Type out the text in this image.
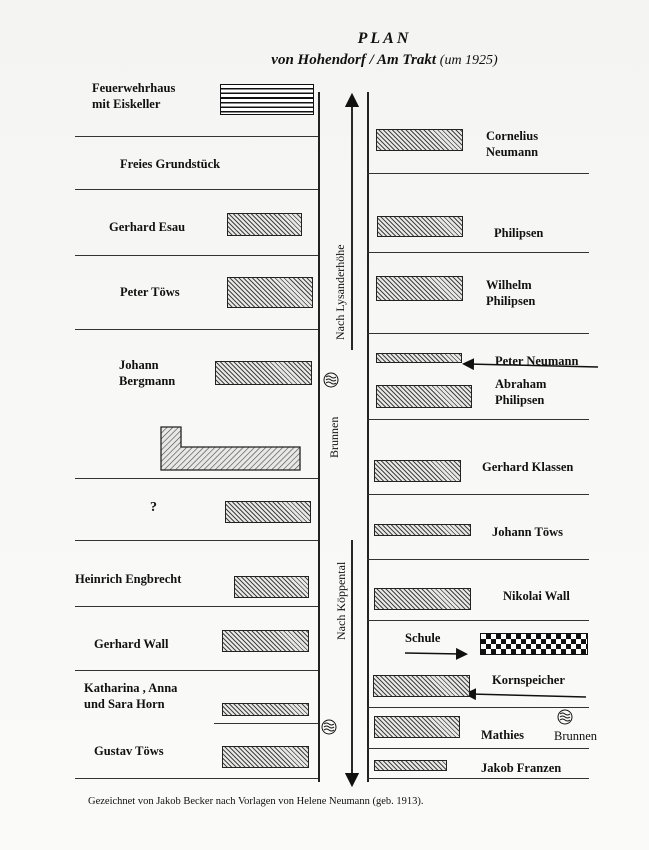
PLAN
von Hohendorf / Am Trakt (um 1925)
Nach Lysanderhöhe
Nach Köppental
Brunnen
Brunnen
Feuerwehrhaus
mit Eiskeller
Freies Grundstück
Gerhard Esau
Peter Töws
Johann
Bergmann
?
Heinrich Engbrecht
Gerhard Wall
Katharina , Anna
und Sara Horn
Gustav Töws
Cornelius
Neumann
Philipsen
Wilhelm
Philipsen
Peter Neumann
Abraham
Philipsen
Gerhard Klassen
Johann Töws
Nikolai Wall
Schule
Kornspeicher
Mathies
Jakob Franzen
Gezeichnet von Jakob Becker nach Vorlagen von Helene Neumann (geb. 1913).
